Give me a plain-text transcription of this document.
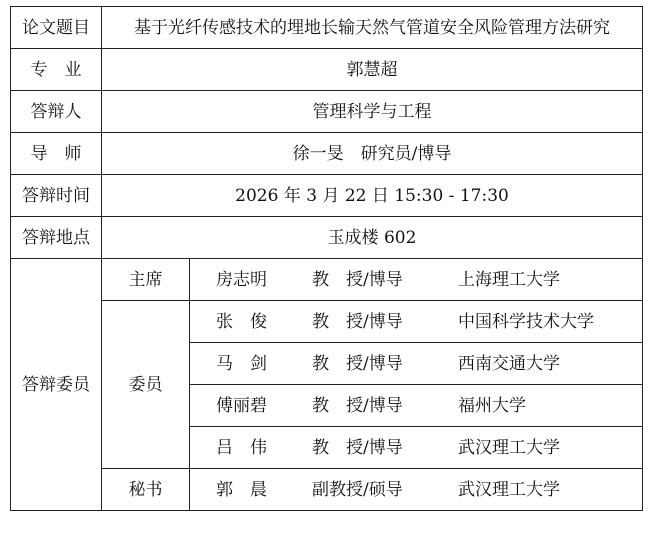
论文题目	基于光纤传感技术的埋地长输天然气管道安全风险管理方法研究	
专　业	郭慧超	
答辩人	管理科学与工程	
导　师	徐一旻　研究员/博导	
答辩时间	2026 年 3 月 22 日 15:30 - 17:30	
答辩地点	玉成楼 602	
答辩委员	主席	房志明 教　授/博导 上海理工大学

	委员	张　俊 教　授/博导 中国科学技术大学

		马　剑 教　授/博导 西南交通大学

		傅丽碧 教　授/博导 福州大学

		吕　伟 教　授/博导 武汉理工大学

	秘书	郭　晨 副教授/硕导 武汉理工大学
